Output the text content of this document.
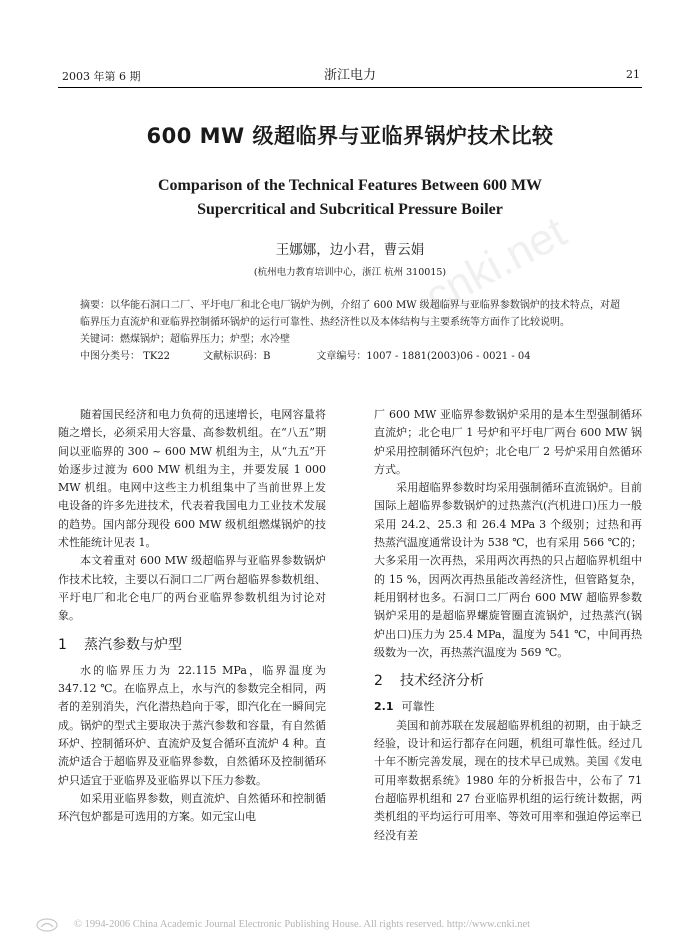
2003 年第 6 期	浙江电力	21
cnki.net
600 MW 级超临界与亚临界锅炉技术比较
Comparison of the Technical Features Between 600 MW
Supercritical and Subcritical Pressure Boiler
王娜娜，边小君，曹云娟
(杭州电力教育培训中心，浙江 杭州 310015)

摘要：以华能石洞口二厂、平圩电厂和北仑电厂锅炉为例，介绍了 600 MW 级超临界与亚临界参数锅炉的技术特点，对超临界压力直流炉和亚临界控制循环锅炉的运行可靠性、热经济性以及本体结构与主要系统等方面作了比较说明。

关键词：燃煤锅炉；超临界压力；炉型；水冷壁

中图分类号： TK22	文献标识码：B	文章编号：1007 - 1881(2003)06 - 0021 - 04

随着国民经济和电力负荷的迅速增长，电网容量将随之增长，必须采用大容量、高参数机组。在“八五”期间以亚临界的 300 ~ 600 MW 机组为主，从“九五”开始逐步过渡为 600 MW 机组为主，并要发展 1 000 MW 机组。电网中这些主力机组集中了当前世界上发电设备的许多先进技术，代表着我国电力工业技术发展的趋势。国内部分现役 600 MW 级机组燃煤锅炉的技术性能统计见表 1。

本文着重对 600 MW 级超临界与亚临界参数锅炉作技术比较，主要以石洞口二厂两台超临界参数机组、平圩电厂和北仑电厂的两台亚临界参数机组为讨论对象。

1 蒸汽参数与炉型

水的临界压力为 22.115 MPa，临界温度为 347.12 ℃。在临界点上，水与汽的参数完全相同，两者的差别消失，汽化潜热趋向于零，即汽化在一瞬间完成。锅炉的型式主要取决于蒸汽参数和容量，有自然循环炉、控制循环炉、直流炉及复合循环直流炉 4 种。直流炉适合于超临界及亚临界参数，自然循环及控制循环炉只适宜于亚临界及亚临界以下压力参数。

如采用亚临界参数，则直流炉、自然循环和控制循环汽包炉都是可选用的方案。如元宝山电

厂 600 MW 亚临界参数锅炉采用的是本生型强制循环直流炉；北仑电厂 1 号炉和平圩电厂两台 600 MW 锅炉采用控制循环汽包炉；北仑电厂 2 号炉采用自然循环方式。

采用超临界参数时均采用强制循环直流锅炉。目前国际上超临界参数锅炉的过热蒸汽(汽机进口)压力一般采用 24.2、25.3 和 26.4 MPa 3 个级别；过热和再热蒸汽温度通常设计为 538 ℃，也有采用 566 ℃的；大多采用一次再热，采用两次再热的只占超临界机组中的 15 %，因两次再热虽能改善经济性，但管路复杂，耗用钢材也多。石洞口二厂两台 600 MW 超临界参数锅炉采用的是超临界螺旋管圈直流锅炉，过热蒸汽(锅炉出口)压力为 25.4 MPa，温度为 541 ℃，中间再热级数为一次，再热蒸汽温度为 569 ℃。

2 技术经济分析
2.1 可靠性

美国和前苏联在发展超临界机组的初期，由于缺乏经验，设计和运行都存在问题，机组可靠性低。经过几十年不断完善发展，现在的技术早已成熟。美国《发电可用率数据系统》1980 年的分析报告中，公布了 71 台超临界机组和 27 台亚临界机组的运行统计数据，两类机组的平均运行可用率、等效可用率和强迫停运率已经没有差

© 1994-2006 China Academic Journal Electronic Publishing House. All rights reserved. http://www.cnki.net
